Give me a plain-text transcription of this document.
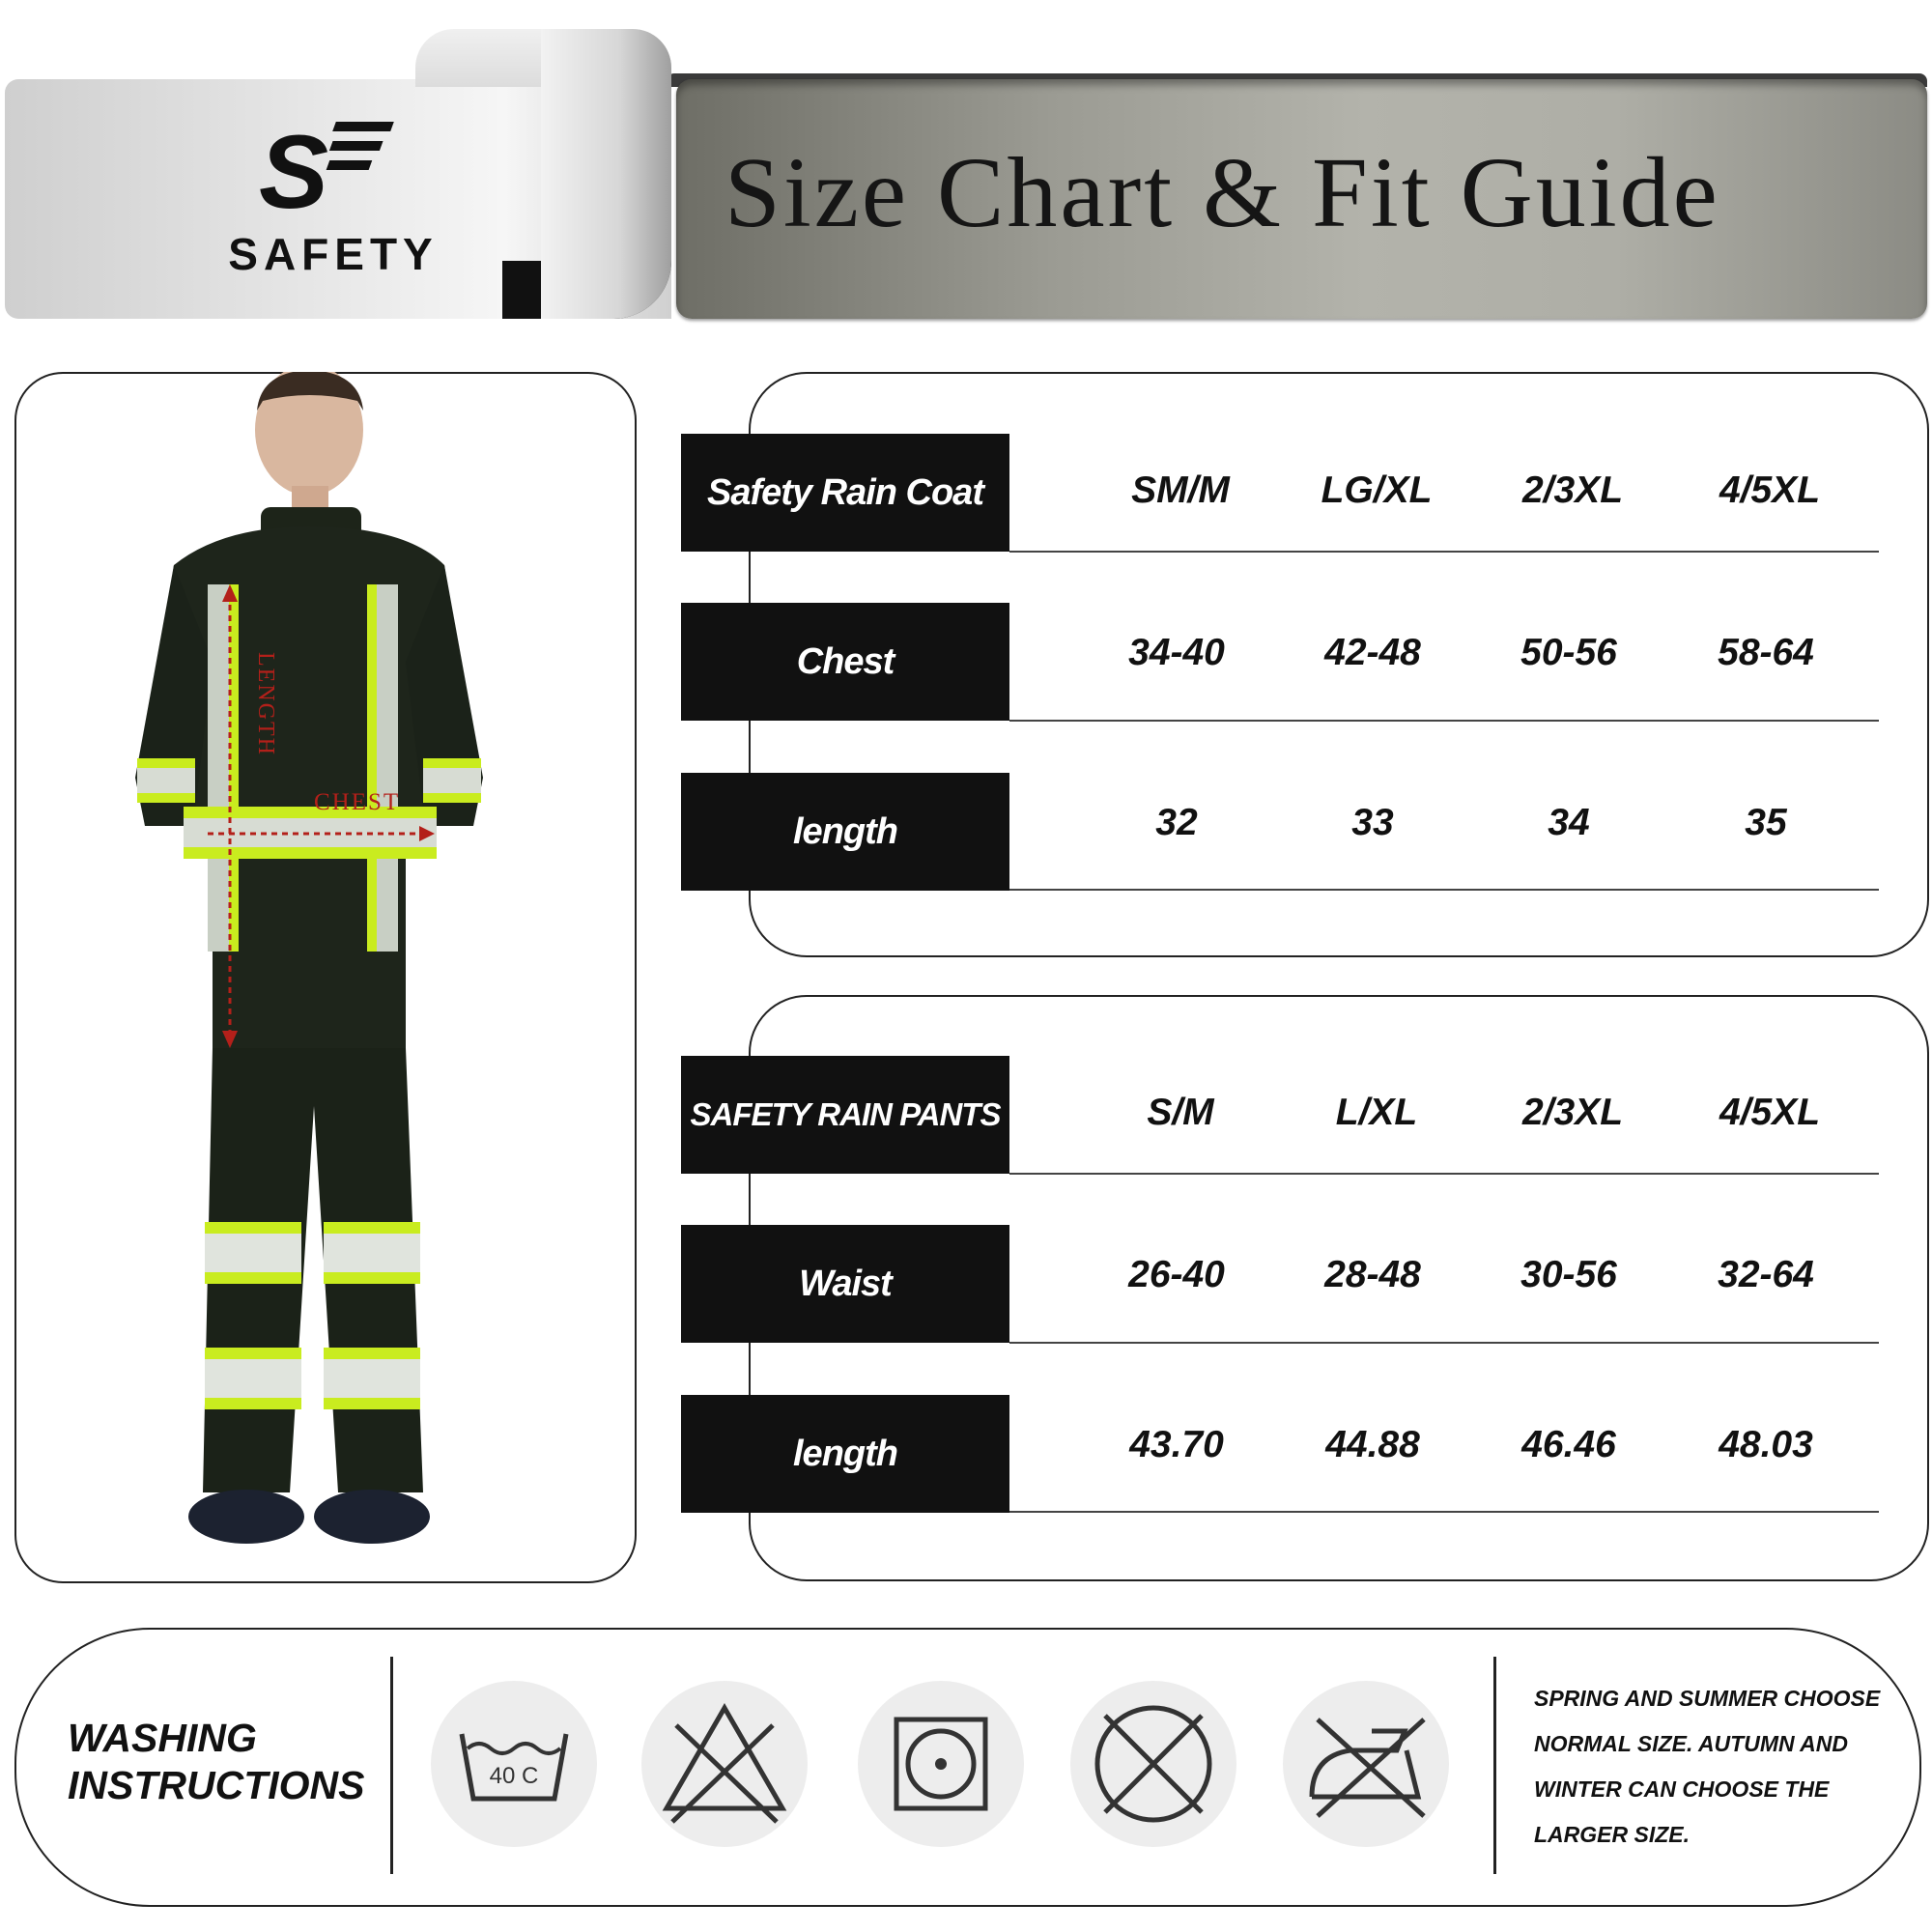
Size Chart & Fit Guide
S
SAFETY
LENGTH
CHEST
Safety Rain Coat	SM/M	LG/XL	2/3XL	4/5XL
Chest	34-40	42-48	50-56	58-64
length	32	33	34	35
SAFETY RAIN PANTS	S/M	L/XL	2/3XL	4/5XL
Waist	26-40	28-48	30-56	32-64
length	43.70	44.88	46.46	48.03
WASHING
INSTRUCTIONS	40 C
SPRING AND SUMMER CHOOSE
NORMAL SIZE. AUTUMN AND
WINTER CAN CHOOSE THE
LARGER SIZE.
